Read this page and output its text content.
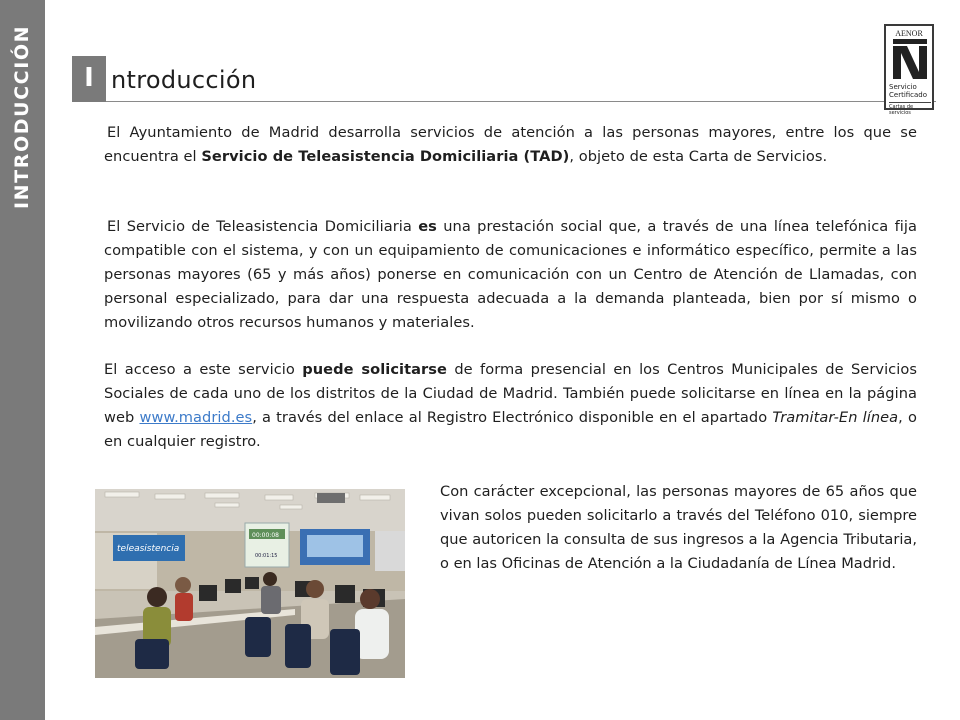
INTRODUCCIÓN	I ntroducción
AENOR
Servicio
Certificado
Cartas de servicios

El Ayuntamiento de Madrid desarrolla servicios de atención a las personas mayores, entre los que se encuentra el Servicio de Teleasistencia Domiciliaria (TAD), objeto de esta Carta de Servicios.

El Servicio de Teleasistencia Domiciliaria es una prestación social que, a través de una línea telefónica fija compatible con el sistema, y con un equipamiento de comunicaciones e informático específico, permite a las personas mayores (65 y más años) ponerse en comunicación con un Centro de Atención de Llamadas, con personal especializado, para dar una respuesta adecuada a la demanda planteada, bien por sí mismo o movilizando otros recursos humanos y materiales.

El acceso a este servicio puede solicitarse de forma presencial en los Centros Municipales de Servicios Sociales de cada uno de los distritos de la Ciudad de Madrid. También puede solicitarse en línea en la página web www.madrid.es, a través del enlace al Registro Electrónico disponible en el apartado Tramitar-En línea, o en cualquier registro.

teleasistencia
00:00:08
00:01:15
Con carácter excepcional, las personas mayores de 65 años que vivan solos pueden solicitarlo a través del Teléfono 010, siempre que autoricen la consulta de sus ingresos a la Agencia Tributaria, o en las Oficinas de Atención a la Ciudadanía de Línea Madrid.
